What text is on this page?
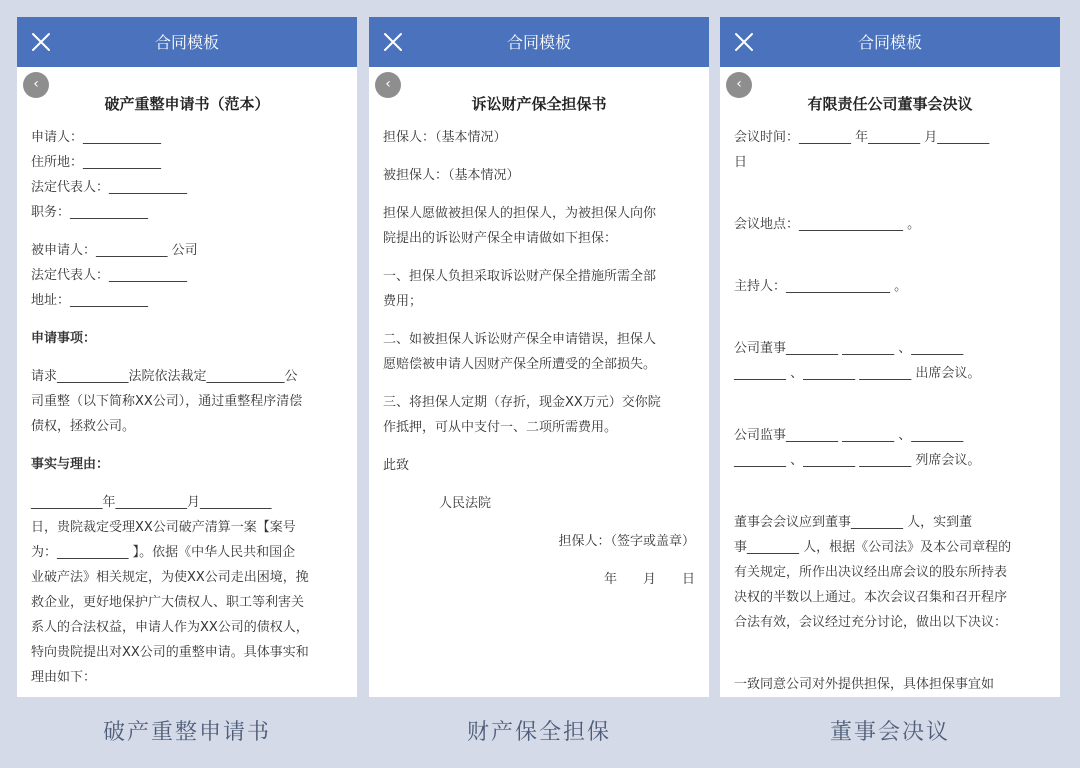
合同模板
‹
破产重整申请书（范本）

申请人：____________

住所地：____________

法定代表人：____________

职务：____________

被申请人：___________ 公司

法定代表人：____________

地址：____________

申请事项：

请求___________法院依法裁定____________公

司重整（以下简称XX公司），通过重整程序清偿

债权，拯救公司。

事实与理由：

___________年___________月___________

日，贵院裁定受理XX公司破产清算一案【案号

为：___________ 】。依据《中华人民共和国企

业破产法》相关规定，为使XX公司走出困境，挽

救企业，更好地保护广大债权人、职工等利害关

系人的合法权益，申请人作为XX公司的债权人，

特向贵院提出对XX公司的重整申请。具体事实和

理由如下：

合同模板
‹
诉讼财产保全担保书

担保人：（基本情况）

被担保人：（基本情况）

担保人愿做被担保人的担保人，为被担保人向你

院提出的诉讼财产保全申请做如下担保：

一、担保人负担采取诉讼财产保全措施所需全部

费用；

二、如被担保人诉讼财产保全申请错误，担保人

愿赔偿被申请人因财产保全所遭受的全部损失。

三、将担保人定期（存折，现金XX万元）交你院

作抵押，可从中支付一、二项所需费用。

此致

人民法院

担保人：（签字或盖章）

年　　月　　日

合同模板
‹
有限责任公司董事会决议

会议时间：________ 年________ 月________

日

会议地点：________________ 。

主持人：________________ 。

公司董事________ ________ 、________

________ 、________ ________ 出席会议。

公司监事________ ________ 、________

________ 、________ ________ 列席会议。

董事会会议应到董事________ 人，实到董

事________ 人，根据《公司法》及本公司章程的

有关规定，所作出决议经出席会议的股东所持表

决权的半数以上通过。本次会议召集和召开程序

合法有效，会议经过充分讨论，做出以下决议：

一致同意公司对外提供担保，具体担保事宜如

破产重整申请书	财产保全担保	董事会决议
